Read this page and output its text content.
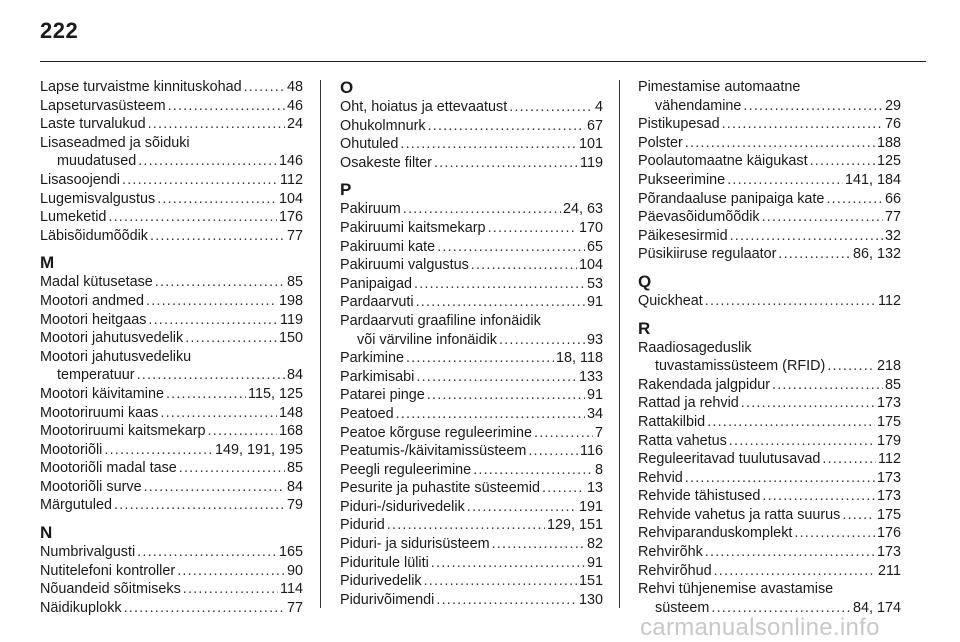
222
Lapse turvaistme kinnituskohad . . .	48
Lapseturvasüsteem . . .	46
Laste turvalukud . . .	24
Lisaseadmed ja sõiduki
muudatused . . .	146
Lisasoojendi . . .	112
Lugemisvalgustus . . .	104
Lumeketid . . .	176
Läbisõidumõõdik . . .	77
M
Madal kütusetase . . .	85
Mootori andmed . . .	198
Mootori heitgaas . . .	119
Mootori jahutusvedelik . . .	150
Mootori jahutusvedeliku
temperatuur . . .	84
Mootori käivitamine . . .	115, 125
Mootoriruumi kaas . . .	148
Mootoriruumi kaitsmekarp . . .	168
Mootoriõli . . .	149, 191, 195
Mootoriõli madal tase . . .	85
Mootoriõli surve . . .	84
Märgutuled . . .	79
N
Numbrivalgusti . . .	165
Nutitelefoni kontroller . . .	90
Nõuandeid sõitmiseks . . .	114
Näidikuplokk . . .	77
O
Oht, hoiatus ja ettevaatust . . .	4
Ohukolmnurk . . .	67
Ohutuled . . .	101
Osakeste filter . . .	119
P
Pakiruum . . .	24, 63
Pakiruumi kaitsmekarp . . .	170
Pakiruumi kate . . .	65
Pakiruumi valgustus . . .	104
Panipaigad . . .	53
Pardaarvuti . . .	91
Pardaarvuti graafiline infonäidik
või värviline infonäidik . . .	93
Parkimine . . .	18, 118
Parkimisabi . . .	133
Patarei pinge . . .	91
Peatoed . . .	34
Peatoe kõrguse reguleerimine . . .	7
Peatumis-/käivitamissüsteem . . .	116
Peegli reguleerimine . . .	8
Pesurite ja puhastite süsteemid . . .	13
Piduri-/sidurivedelik . . .	191
Pidurid . . .	129, 151
Piduri- ja sidurisüsteem . . .	82
Piduritule lüliti . . .	91
Pidurivedelik . . .	151
Pidurivõimendi . . .	130
Pimestamise automaatne
vähendamine . . .	29
Pistikupesad . . .	76
Polster . . .	188
Poolautomaatne käigukast . . .	125
Pukseerimine . . .	141, 184
Põrandaaluse panipaiga kate . . .	66
Päevasõidumõõdik . . .	77
Päikesesirmid . . .	32
Püsikiiruse regulaator . . .	86, 132
Q
Quickheat . . .	112
R
Raadiosageduslik
tuvastamissüsteem (RFID) . . .	218
Rakendada jalgpidur . . .	85
Rattad ja rehvid . . .	173
Rattakilbid . . .	175
Ratta vahetus . . .	179
Reguleeritavad tuulutusavad . . .	112
Rehvid . . .	173
Rehvide tähistused . . .	173
Rehvide vahetus ja ratta suurus . . .	175
Rehviparanduskomplekt . . .	176
Rehvirõhk . . .	173
Rehvirõhud . . .	211
Rehvi tühjenemise avastamise
süsteem . . .	84, 174
carmanualsonline.info
